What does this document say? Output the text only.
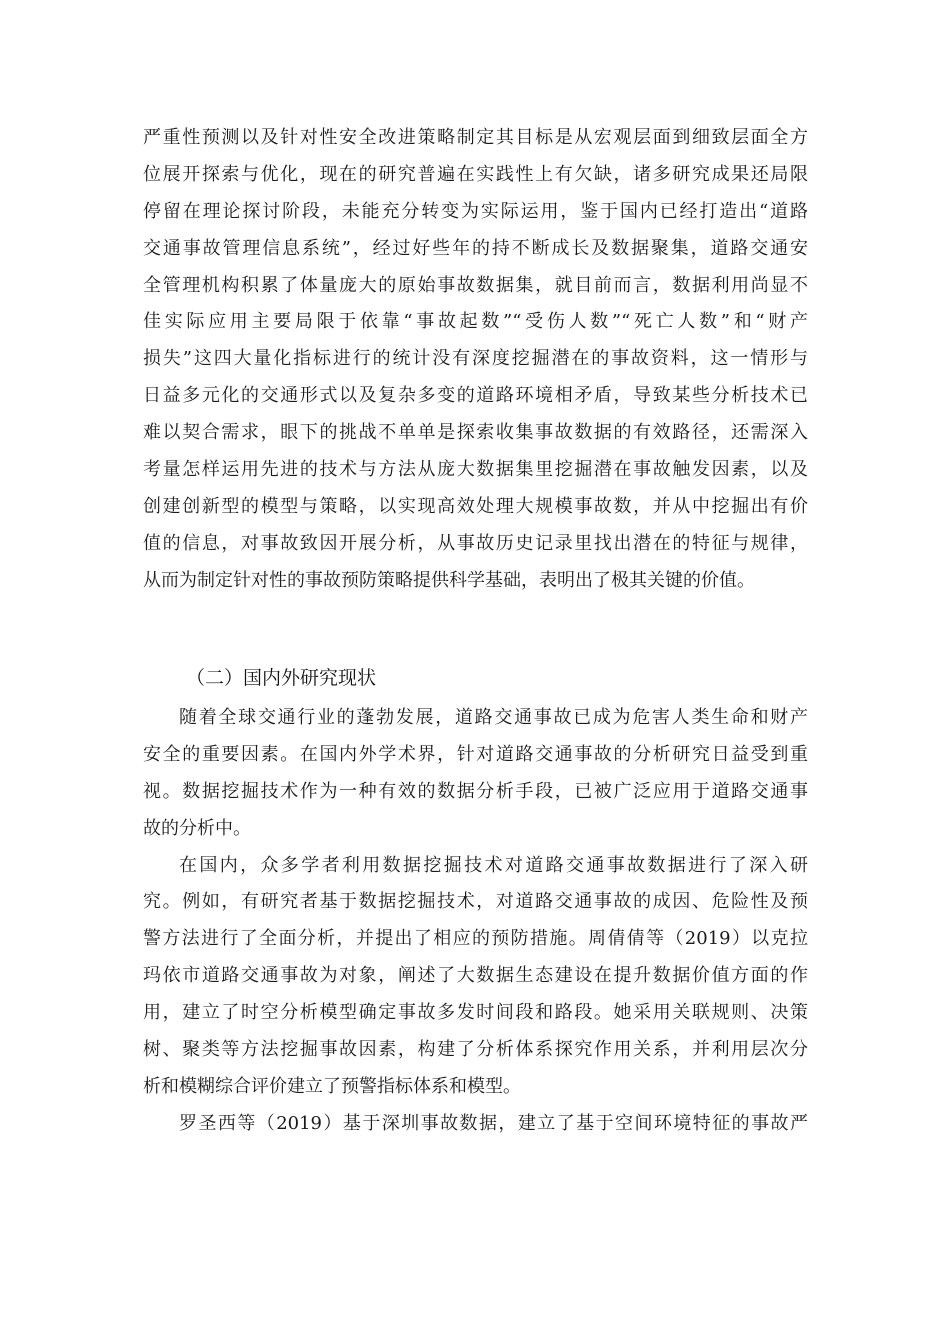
严重性预测以及针对性安全改进策略制定其目标是从宏观层面到细致层面全方
位展开探索与优化，现在的研究普遍在实践性上有欠缺，诸多研究成果还局限
停留在理论探讨阶段，未能充分转变为实际运用，鉴于国内已经打造出“道路
交通事故管理信息系统”，经过好些年的持不断成长及数据聚集，道路交通安
全管理机构积累了体量庞大的原始事故数据集，就目前而言，数据利用尚显不
佳实际应用主要局限于依靠“事故起数”“受伤人数”“死亡人数”和“财产
损失”这四大量化指标进行的统计没有深度挖掘潜在的事故资料，这一情形与
日益多元化的交通形式以及复杂多变的道路环境相矛盾，导致某些分析技术已
难以契合需求，眼下的挑战不单单是探索收集事故数据的有效路径，还需深入
考量怎样运用先进的技术与方法从庞大数据集里挖掘潜在事故触发因素，以及
创建创新型的模型与策略，以实现高效处理大规模事故数，并从中挖掘出有价
值的信息，对事故致因开展分析，从事故历史记录里找出潜在的特征与规律，
从而为制定针对性的事故预防策略提供科学基础，表明出了极其关键的价值。
（二）国内外研究现状
随着全球交通行业的蓬勃发展，道路交通事故已成为危害人类生命和财产
安全的重要因素。在国内外学术界，针对道路交通事故的分析研究日益受到重
视。数据挖掘技术作为一种有效的数据分析手段，已被广泛应用于道路交通事
故的分析中。
在国内，众多学者利用数据挖掘技术对道路交通事故数据进行了深入研
究。例如，有研究者基于数据挖掘技术，对道路交通事故的成因、危险性及预
警方法进行了全面分析，并提出了相应的预防措施。周倩倩等（2019）以克拉
玛依市道路交通事故为对象，阐述了大数据生态建设在提升数据价值方面的作
用，建立了时空分析模型确定事故多发时间段和路段。她采用关联规则、决策
树、聚类等方法挖掘事故因素，构建了分析体系探究作用关系，并利用层次分
析和模糊综合评价建立了预警指标体系和模型。
罗圣西等（2019）基于深圳事故数据，建立了基于空间环境特征的事故严
